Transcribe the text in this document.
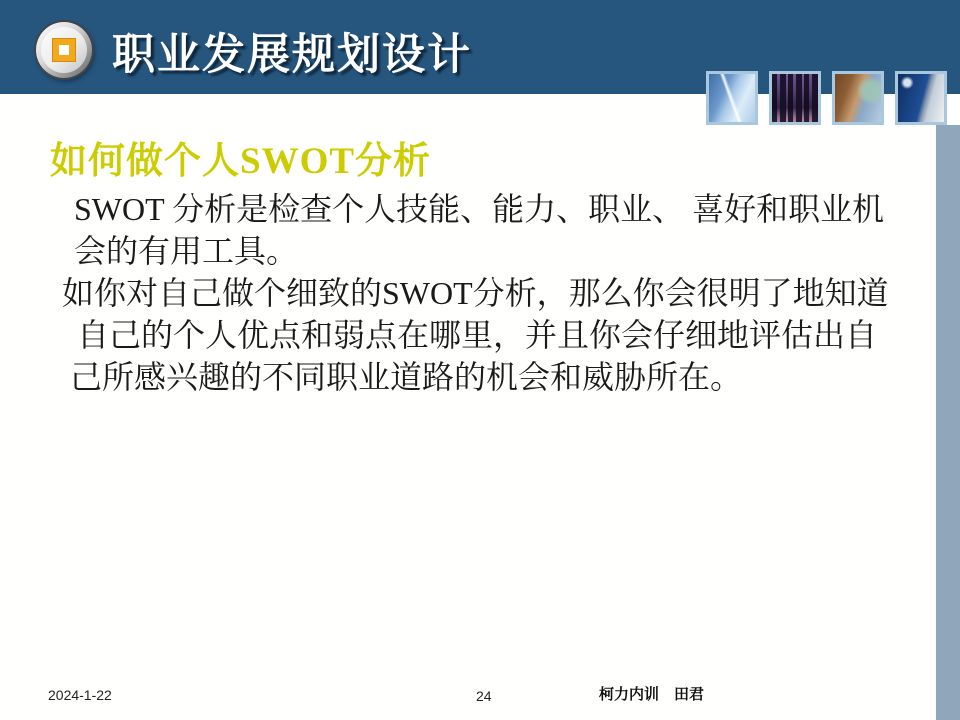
职业发展规划设计
如何做个人SWOT分析
SWOT 分析是检查个人技能、能力、职业、 喜好和职业机
会的有用工具。
如你对自己做个细致的SWOT分析，那么你会很明了地知道
自己的个人优点和弱点在哪里，并且你会仔细地评估出自
己所感兴趣的不同职业道路的机会和威胁所在。
2024-1-22	24	柯力内训　田君
